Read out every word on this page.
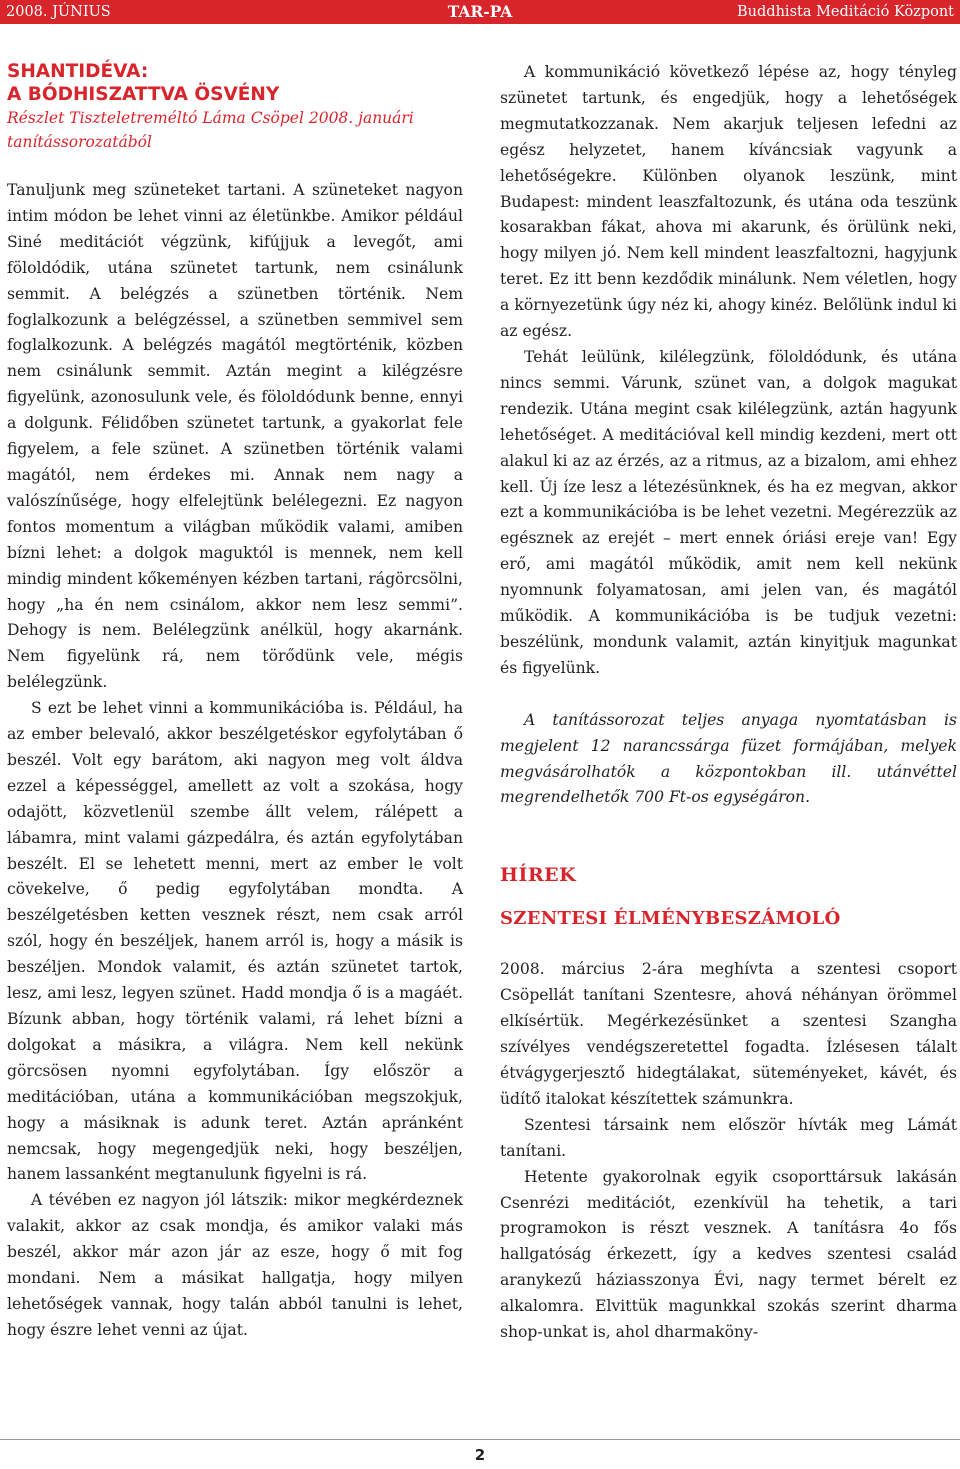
2008. JÚNIUS	TAR-PA	Buddhista Meditáció Központ
SHANTIDÉVA:
A BÓDHISZATTVA ÖSVÉNY
Részlet Tiszteletreméltó Láma Csöpel 2008. januári tanítássorozatából

Tanuljunk meg szüneteket tartani. A szüneteket nagyon intim módon be lehet vinni az életünkbe. Amikor például Siné meditációt végzünk, kifújjuk a levegőt, ami föloldódik, utána szünetet tartunk, nem csinálunk semmit. A belégzés a szünetben történik. Nem foglalkozunk a belégzéssel, a szünetben semmivel sem foglalkozunk. A belégzés magától megtörténik, közben nem csinálunk semmit. Aztán megint a kilégzésre figyelünk, azonosulunk vele, és föloldódunk benne, ennyi a dolgunk. Félidőben szünetet tartunk, a gyakorlat fele figyelem, a fele szünet. A szünetben történik valami magától, nem érdekes mi. Annak nem nagy a valószínűsége, hogy elfelejtünk belélegezni. Ez nagyon fontos momentum a világban működik valami, amiben bízni lehet: a dolgok maguktól is mennek, nem kell mindig mindent kőkeményen kézben tartani, rágörcsölni, hogy „ha én nem csinálom, akkor nem lesz semmi”. Dehogy is nem. Belélegzünk anélkül, hogy akarnánk. Nem figyelünk rá, nem törődünk vele, mégis belélegzünk.

S ezt be lehet vinni a kommunikációba is. Például, ha az ember belevaló, akkor beszélgetéskor egyfolytában ő beszél. Volt egy barátom, aki nagyon meg volt áldva ezzel a képességgel, amellett az volt a szokása, hogy odajött, közvetlenül szembe állt velem, rálépett a lábamra, mint valami gázpedálra, és aztán egyfolytában beszélt. El se lehetett menni, mert az ember le volt cövekelve, ő pedig egyfolytában mondta. A beszélgetésben ketten vesznek részt, nem csak arról szól, hogy én beszéljek, hanem arról is, hogy a másik is beszéljen. Mondok valamit, és aztán szünetet tartok, lesz, ami lesz, legyen szünet. Hadd mondja ő is a magáét. Bízunk abban, hogy történik valami, rá lehet bízni a dolgokat a másikra, a világra. Nem kell nekünk görcsösen nyomni egyfolytában. Így először a meditációban, utána a kommunikációban megszokjuk, hogy a másiknak is adunk teret. Aztán apránként nemcsak, hogy megengedjük neki, hogy beszéljen, hanem lassanként megtanulunk figyelni is rá.

A tévében ez nagyon jól látszik: mikor megkérdeznek valakit, akkor az csak mondja, és amikor valaki más beszél, akkor már azon jár az esze, hogy ő mit fog mondani. Nem a másikat hallgatja, hogy milyen lehetőségek vannak, hogy talán abból tanulni is lehet, hogy észre lehet venni az újat.

A kommunikáció következő lépése az, hogy tényleg szünetet tartunk, és engedjük, hogy a lehetőségek megmutatkozzanak. Nem akarjuk teljesen lefedni az egész helyzetet, hanem kíváncsiak vagyunk a lehetőségekre. Különben olyanok leszünk, mint Budapest: mindent leaszfaltozunk, és utána oda teszünk kosarakban fákat, ahova mi akarunk, és örülünk neki, hogy milyen jó. Nem kell mindent leaszfaltozni, hagyjunk teret. Ez itt benn kezdődik minálunk. Nem véletlen, hogy a környezetünk úgy néz ki, ahogy kinéz. Belőlünk indul ki az egész.

Tehát leülünk, kilélegzünk, föloldódunk, és utána nincs semmi. Várunk, szünet van, a dolgok magukat rendezik. Utána megint csak kilélegzünk, aztán hagyunk lehetőséget. A meditációval kell mindig kezdeni, mert ott alakul ki az az érzés, az a ritmus, az a bizalom, ami ehhez kell. Új íze lesz a létezésünknek, és ha ez megvan, akkor ezt a kommunikációba is be lehet vezetni. Megérezzük az egésznek az erejét – mert ennek óriási ereje van! Egy erő, ami magától működik, amit nem kell nekünk nyomnunk folyamatosan, ami jelen van, és magától működik. A kommunikációba is be tudjuk vezetni: beszélünk, mondunk valamit, aztán kinyitjuk magunkat és figyelünk.

A tanítássorozat teljes anyaga nyomtatásban is megjelent 12 narancssárga füzet formájában, melyek megvásárolhatók a központokban ill. utánvéttel megrendelhetők 700 Ft-os egységáron.

HÍREK
SZENTESI ÉLMÉNYBESZÁMOLÓ

2008. március 2-ára meghívta a szentesi csoport Csöpellát tanítani Szentesre, ahová néhányan örömmel elkísértük. Megérkezésünket a szentesi Szangha szívélyes vendégszeretettel fogadta. Ízlésesen tálalt étvágygerjesztő hidegtálakat, süteményeket, kávét, és üdítő italokat készítettek számunkra.

Szentesi társaink nem először hívták meg Lámát tanítani.

Hetente gyakorolnak egyik csoporttársuk lakásán Csenrézi meditációt, ezenkívül ha tehetik, a tari programokon is részt vesznek. A tanításra 4o fős hallgatóság érkezett, így a kedves szentesi család aranykezű háziasszonya Évi, nagy termet bérelt ez alkalomra. Elvittük magunkkal szokás szerint dharma shop-unkat is, ahol dharmaköny-

2
